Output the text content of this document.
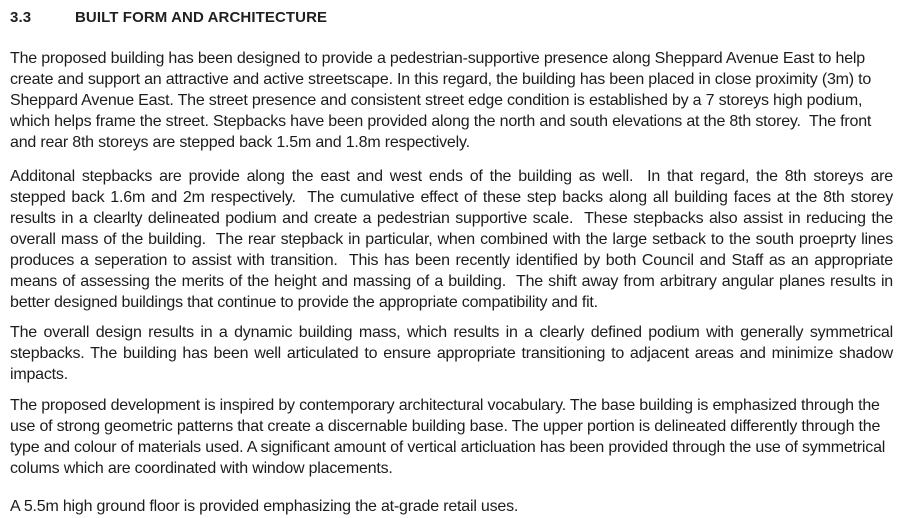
3.3	BUILT FORM AND ARCHITECTURE

The proposed building has been designed to provide a pedestrian-supportive presence along Sheppard Avenue East to help create and support an attractive and active streetscape. In this regard, the building has been placed in close proximity (3m) to Sheppard Avenue East. The street presence and consistent street edge condition is established by a 7 storeys high podium, which helps frame the street. Stepbacks have been provided along the north and south elevations at the 8th storey.  The front and rear 8th storeys are stepped back 1.5m and 1.8m respectively.

Additonal stepbacks are provide along the east and west ends of the building as well.  In that regard, the 8th storeys are stepped back 1.6m and 2m respectively.  The cumulative effect of these step backs along all building faces at the 8th storey results in a clearlty delineated podium and create a pedestrian supportive scale.  These stepbacks also assist in reducing the overall mass of the building.  The rear stepback in particular, when combined with the large setback to the south proeprty lines produces a seperation to assist with transition.  This has been recently identified by both Council and Staff as an appropriate means of assessing the merits of the height and massing of a building.  The shift away from arbitrary angular planes results in better designed buildings that continue to provide the appropriate compatibility and fit.

The overall design results in a dynamic building mass, which results in a clearly defined podium with generally symmetrical stepbacks. The building has been well articulated to ensure appropriate transitioning to adjacent areas and minimize shadow impacts.

The proposed development is inspired by contemporary architectural vocabulary. The base building is emphasized through the use of strong geometric patterns that create a discernable building base. The upper portion is delineated differently through the type and colour of materials used. A significant amount of vertical articluation has been provided through the use of symmetrical colums which are coordinated with window placements.

A 5.5m high ground floor is provided emphasizing the at-grade retail uses.
